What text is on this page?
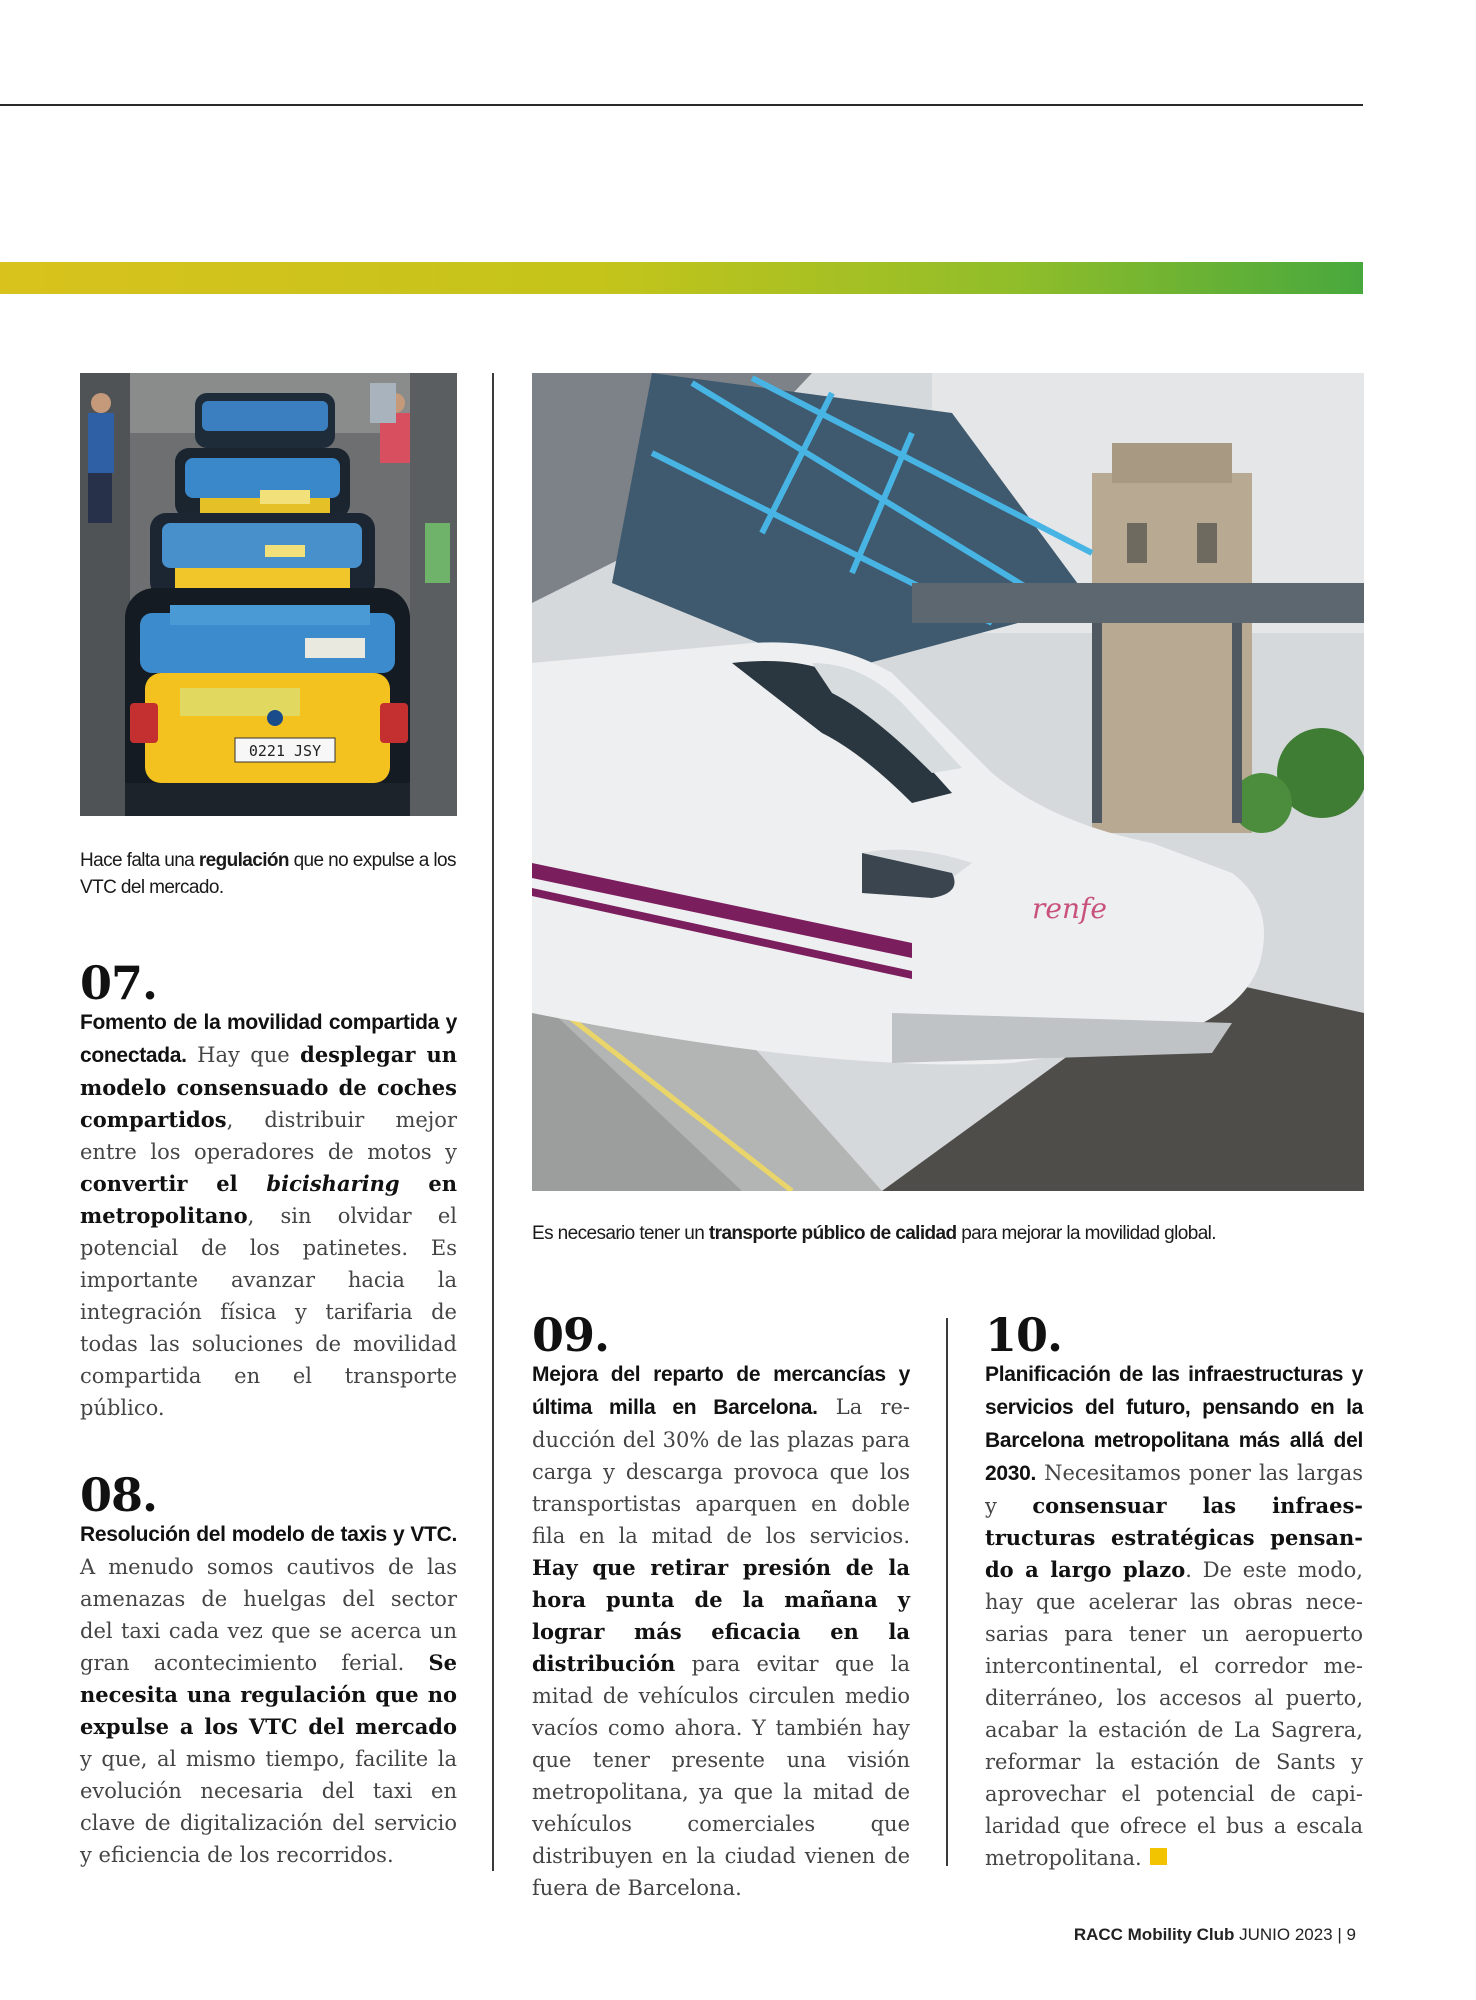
0221 JSY
Hace falta una regulación que no expulse a los VTC del mercado.
renfe
Es necesario tener un transporte público de calidad para mejorar la movilidad global.
07.
Fomento de la movilidad compartida y conectada. Hay que desplegar un modelo consensuado de coches compartidos, distribuir mejor entre los operadores de motos y convertir el bicisharing en metropolitano, sin olvidar el potencial de los patinetes. Es importante avanzar hacia la integración física y tarifaria de todas las soluciones de movilidad compartida en el transporte público.
08.
Resolución del modelo de taxis y VTC. A menudo somos cautivos de las amenazas de huelgas del sector del taxi cada vez que se acerca un gran acontecimiento ferial. Se necesita una regulación que no expulse a los VTC del mercado y que, al mismo tiempo, facilite la evolución necesaria del taxi en clave de digitalización del servicio y eficiencia de los recorridos.
09.
Mejora del reparto de mercancías y última milla en Barcelona. La reducción del 30% de las plazas para carga y descarga provoca que los transportistas aparquen en doble fila en la mitad de los servicios. Hay que retirar presión de la hora punta de la mañana y lograr más eficacia en la distribución para evitar que la mitad de vehículos circulen medio vacíos como ahora. Y también hay que tener presente una visión metropolitana, ya que la mitad de vehículos comerciales que distribuyen en la ciudad vienen de fuera de Barcelona.
10.
Planificación de las infraestructuras y servicios del futuro, pensando en la Barcelona metropolitana más allá del 2030. Necesitamos poner las largas y consensuar las infraestructuras estratégicas pensando a largo plazo. De este modo, hay que acelerar las obras necesarias para tener un aeropuerto intercontinental, el corredor mediterráneo, los accesos al puerto, acabar la estación de La Sagrera, reformar la estación de Sants y aprovechar el potencial de capilaridad que ofrece el bus a escala metropolitana.
RACC Mobility Club JUNIO 2023 | 9
